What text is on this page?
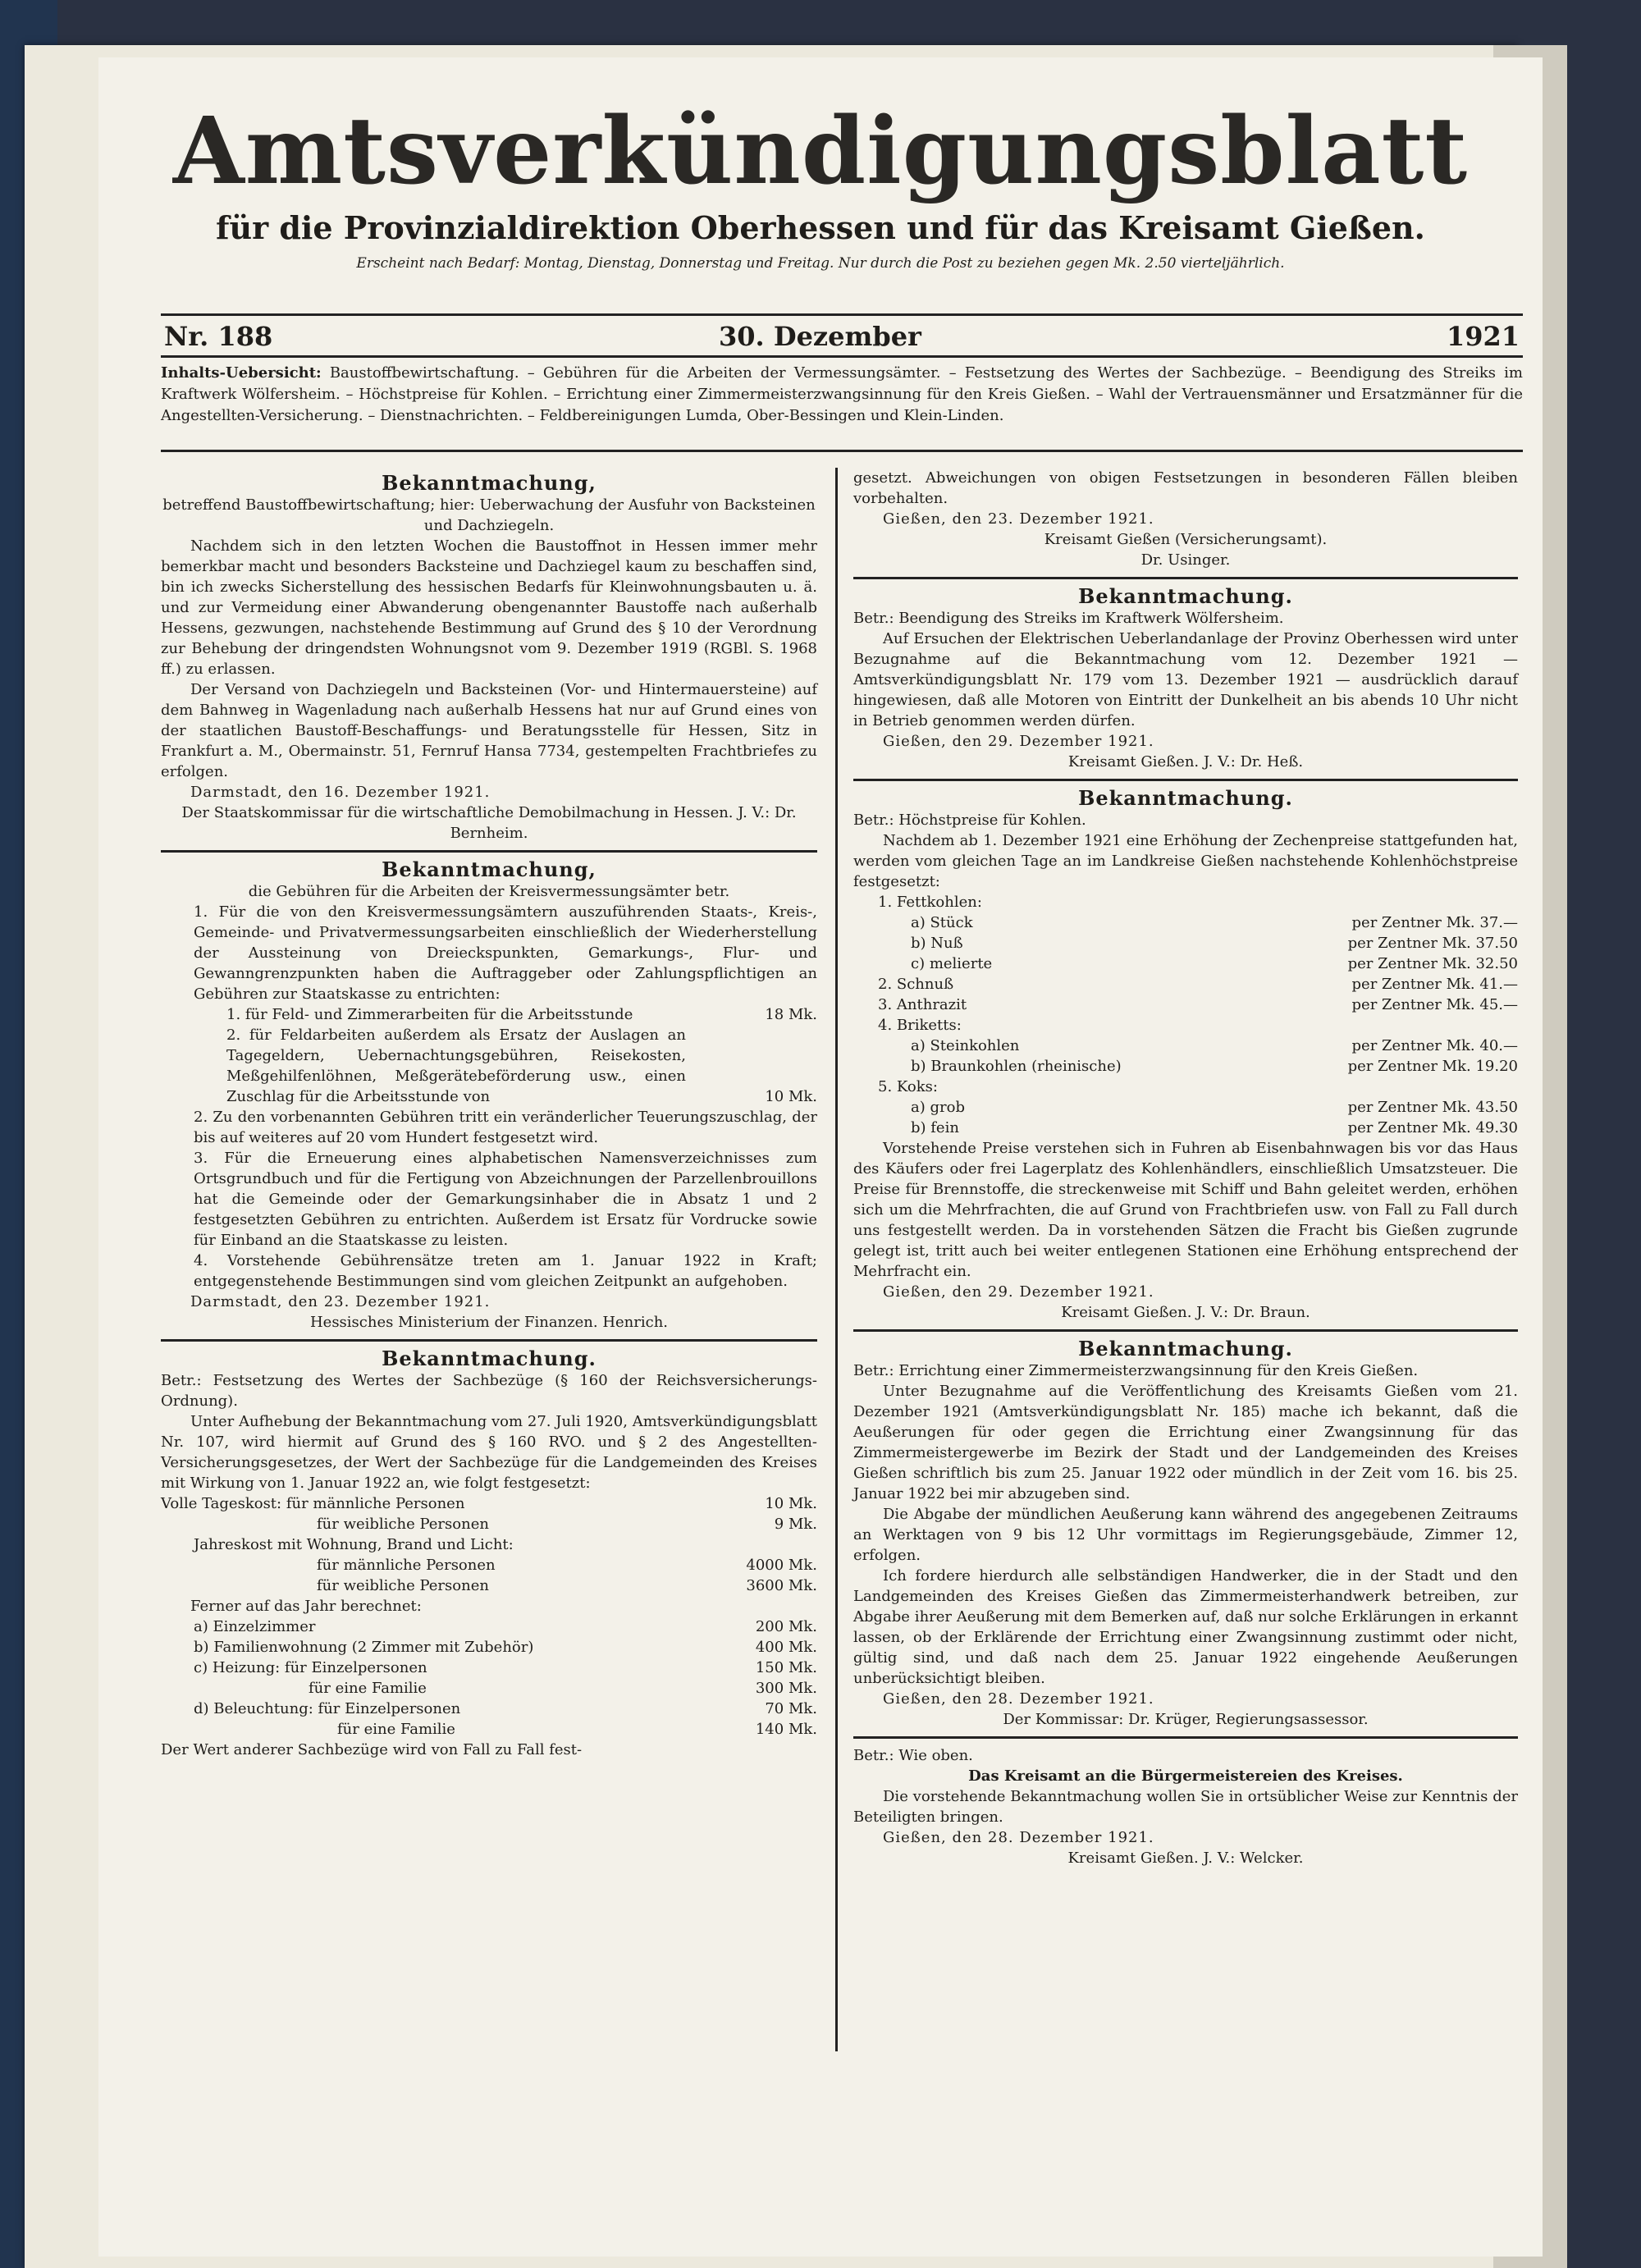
Amtsverkündigungsblatt
für die Provinzialdirektion Oberhessen und für das Kreisamt Gießen.
Erscheint nach Bedarf: Montag, Dienstag, Donnerstag und Freitag. Nur durch die Post zu beziehen gegen Mk. 2.50 vierteljährlich.
Nr. 188	30. Dezember	1921
Inhalts-Uebersicht: Baustoffbewirtschaftung. – Gebühren für die Arbeiten der Vermessungsämter. – Festsetzung des Wertes der Sachbezüge. – Beendigung des Streiks im Kraftwerk Wölfersheim. – Höchstpreise für Kohlen. – Errichtung einer Zimmermeisterzwangsinnung für den Kreis Gießen. – Wahl der Vertrauensmänner und Ersatzmänner für die Angestellten-Versicherung. – Dienstnachrichten. – Feldbereinigungen Lumda, Ober-Bessingen und Klein-Linden.
Bekanntmachung,

betreffend Baustoffbewirtschaftung; hier: Ueberwachung der Ausfuhr von Backsteinen und Dachziegeln.

Nachdem sich in den letzten Wochen die Baustoffnot in Hessen immer mehr bemerkbar macht und besonders Backsteine und Dachziegel kaum zu beschaffen sind, bin ich zwecks Sicherstellung des hessischen Bedarfs für Kleinwohnungsbauten u. ä. und zur Vermeidung einer Abwanderung obengenannter Baustoffe nach außerhalb Hessens, gezwungen, nachstehende Bestimmung auf Grund des § 10 der Verordnung zur Behebung der dringendsten Wohnungsnot vom 9. Dezember 1919 (RGBl. S. 1968 ff.) zu erlassen.

Der Versand von Dachziegeln und Backsteinen (Vor- und Hintermauersteine) auf dem Bahnweg in Wagenladung nach außerhalb Hessens hat nur auf Grund eines von der staatlichen Baustoff-Beschaffungs- und Beratungsstelle für Hessen, Sitz in Frankfurt a. M., Obermainstr. 51, Fernruf Hansa 7734, gestempelten Frachtbriefes zu erfolgen.

Darmstadt, den 16. Dezember 1921.

Der Staatskommissar für die wirtschaftliche Demobilmachung in Hessen. J. V.: Dr. Bernheim.

Bekanntmachung,

die Gebühren für die Arbeiten der Kreisvermessungsämter betr.

1. Für die von den Kreisvermessungsämtern auszuführenden Staats-, Kreis-, Gemeinde- und Privatvermessungsarbeiten einschließlich der Wiederherstellung der Aussteinung von Dreieckspunkten, Gemarkungs-, Flur- und Gewanngrenzpunkten haben die Auftraggeber oder Zahlungspflichtigen an Gebühren zur Staatskasse zu entrichten:

1. für Feld- und Zimmerarbeiten für die Arbeitsstunde	18 Mk.
2. für Feldarbeiten außerdem als Ersatz der Auslagen an Tagegeldern, Uebernachtungsgebühren, Reisekosten, Meßgehilfenlöhnen, Meßgerätebeförderung usw., einen Zuschlag für die Arbeitsstunde von	10 Mk.

2. Zu den vorbenannten Gebühren tritt ein veränderlicher Teuerungszuschlag, der bis auf weiteres auf 20 vom Hundert festgesetzt wird.

3. Für die Erneuerung eines alphabetischen Namensverzeichnisses zum Ortsgrundbuch und für die Fertigung von Abzeichnungen der Parzellenbrouillons hat die Gemeinde oder der Gemarkungsinhaber die in Absatz 1 und 2 festgesetzten Gebühren zu entrichten. Außerdem ist Ersatz für Vordrucke sowie für Einband an die Staatskasse zu leisten.

4. Vorstehende Gebührensätze treten am 1. Januar 1922 in Kraft; entgegenstehende Bestimmungen sind vom gleichen Zeitpunkt an aufgehoben.

Darmstadt, den 23. Dezember 1921.

Hessisches Ministerium der Finanzen. Henrich.

Bekanntmachung.

Betr.: Festsetzung des Wertes der Sachbezüge (§ 160 der Reichsversicherungs-Ordnung).

Unter Aufhebung der Bekanntmachung vom 27. Juli 1920, Amtsverkündigungsblatt Nr. 107, wird hiermit auf Grund des § 160 RVO. und § 2 des Angestellten-Versicherungsgesetzes, der Wert der Sachbezüge für die Landgemeinden des Kreises mit Wirkung von 1. Januar 1922 an, wie folgt festgesetzt:

Volle Tageskost: für männliche Personen	10 Mk.
für weibliche Personen	9 Mk.

Jahreskost mit Wohnung, Brand und Licht:

für männliche Personen	4000 Mk.
für weibliche Personen	3600 Mk.

Ferner auf das Jahr berechnet:

a) Einzelzimmer	200 Mk.
b) Familienwohnung (2 Zimmer mit Zubehör)	400 Mk.
c) Heizung: für Einzelpersonen	150 Mk.
für eine Familie	300 Mk.
d) Beleuchtung: für Einzelpersonen	70 Mk.
für eine Familie	140 Mk.

Der Wert anderer Sachbezüge wird von Fall zu Fall fest-

gesetzt. Abweichungen von obigen Festsetzungen in besonderen Fällen bleiben vorbehalten.

Gießen, den 23. Dezember 1921.

Kreisamt Gießen (Versicherungsamt).

Dr. Usinger.

Bekanntmachung.

Betr.: Beendigung des Streiks im Kraftwerk Wölfersheim.

Auf Ersuchen der Elektrischen Ueberlandanlage der Provinz Oberhessen wird unter Bezugnahme auf die Bekanntmachung vom 12. Dezember 1921 — Amtsverkündigungsblatt Nr. 179 vom 13. Dezember 1921 — ausdrücklich darauf hingewiesen, daß alle Motoren von Eintritt der Dunkelheit an bis abends 10 Uhr nicht in Betrieb genommen werden dürfen.

Gießen, den 29. Dezember 1921.

Kreisamt Gießen. J. V.: Dr. Heß.

Bekanntmachung.

Betr.: Höchstpreise für Kohlen.

Nachdem ab 1. Dezember 1921 eine Erhöhung der Zechenpreise stattgefunden hat, werden vom gleichen Tage an im Landkreise Gießen nachstehende Kohlenhöchstpreise festgesetzt:

1. Fettkohlen:

a) Stück	per Zentner Mk. 37.—
b) Nuß	per Zentner Mk. 37.50
c) melierte	per Zentner Mk. 32.50
2. Schnuß	per Zentner Mk. 41.—
3. Anthrazit	per Zentner Mk. 45.—

4. Briketts:

a) Steinkohlen	per Zentner Mk. 40.—
b) Braunkohlen (rheinische)	per Zentner Mk. 19.20

5. Koks:

a) grob	per Zentner Mk. 43.50
b) fein	per Zentner Mk. 49.30

Vorstehende Preise verstehen sich in Fuhren ab Eisenbahnwagen bis vor das Haus des Käufers oder frei Lagerplatz des Kohlenhändlers, einschließlich Umsatzsteuer. Die Preise für Brennstoffe, die streckenweise mit Schiff und Bahn geleitet werden, erhöhen sich um die Mehrfrachten, die auf Grund von Frachtbriefen usw. von Fall zu Fall durch uns festgestellt werden. Da in vorstehenden Sätzen die Fracht bis Gießen zugrunde gelegt ist, tritt auch bei weiter entlegenen Stationen eine Erhöhung entsprechend der Mehrfracht ein.

Gießen, den 29. Dezember 1921.

Kreisamt Gießen. J. V.: Dr. Braun.

Bekanntmachung.

Betr.: Errichtung einer Zimmermeisterzwangsinnung für den Kreis Gießen.

Unter Bezugnahme auf die Veröffentlichung des Kreisamts Gießen vom 21. Dezember 1921 (Amtsverkündigungsblatt Nr. 185) mache ich bekannt, daß die Aeußerungen für oder gegen die Errichtung einer Zwangsinnung für das Zimmermeistergewerbe im Bezirk der Stadt und der Landgemeinden des Kreises Gießen schriftlich bis zum 25. Januar 1922 oder mündlich in der Zeit vom 16. bis 25. Januar 1922 bei mir abzugeben sind.

Die Abgabe der mündlichen Aeußerung kann während des angegebenen Zeitraums an Werktagen von 9 bis 12 Uhr vormittags im Regierungsgebäude, Zimmer 12, erfolgen.

Ich fordere hierdurch alle selbständigen Handwerker, die in der Stadt und den Landgemeinden des Kreises Gießen das Zimmermeisterhandwerk betreiben, zur Abgabe ihrer Aeußerung mit dem Bemerken auf, daß nur solche Erklärungen in erkannt lassen, ob der Erklärende der Errichtung einer Zwangsinnung zustimmt oder nicht, gültig sind, und daß nach dem 25. Januar 1922 eingehende Aeußerungen unberücksichtigt bleiben.

Gießen, den 28. Dezember 1921.

Der Kommissar: Dr. Krüger, Regierungsassessor.

Betr.: Wie oben.

Das Kreisamt an die Bürgermeistereien des Kreises.

Die vorstehende Bekanntmachung wollen Sie in ortsüblicher Weise zur Kenntnis der Beteiligten bringen.

Gießen, den 28. Dezember 1921.

Kreisamt Gießen. J. V.: Welcker.
